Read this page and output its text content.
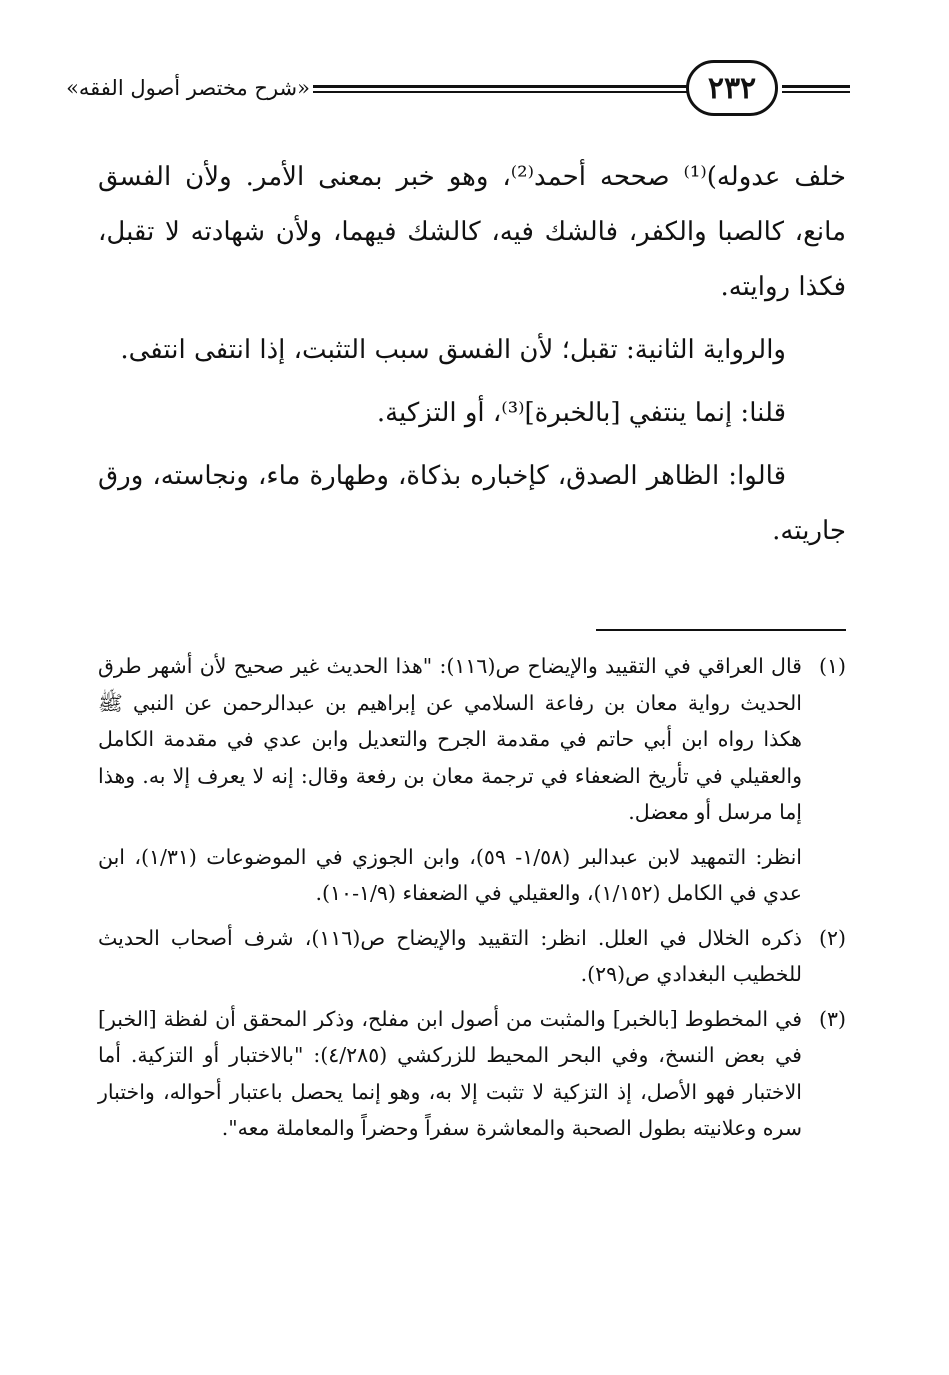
«شرح مختصر أصول الفقه»	٢٣٢

خلف عدوله)⁽¹⁾ صححه أحمد⁽²⁾، وهو خبر بمعنى الأمر. ولأن الفسق مانع، كالصبا والكفر، فالشك فيه، كالشك فيهما، ولأن شهادته لا تقبل، فكذا روايته.

والرواية الثانية: تقبل؛ لأن الفسق سبب التثبت، إذا انتفى انتفى.

قلنا: إنما ينتفي [بالخبرة]⁽³⁾، أو التزكية.

قالوا: الظاهر الصدق، كإخباره بذكاة، وطهارة ماء، ونجاسته، ورق جاريته.

(١)

قال العراقي في التقييد والإيضاح ص(١١٦): "هذا الحديث غير صحيح لأن أشهر طرق الحديث رواية معان بن رفاعة السلامي عن إبراهيم بن عبدالرحمن عن النبي ﷺ هكذا رواه ابن أبي حاتم في مقدمة الجرح والتعديل وابن عدي في مقدمة الكامل والعقيلي في تأريخ الضعفاء في ترجمة معان بن رفعة وقال: إنه لا يعرف إلا به. وهذا إما مرسل أو معضل.

انظر: التمهيد لابن عبدالبر (١/٥٨- ٥٩)، وابن الجوزي في الموضوعات (١/٣١)، ابن عدي في الكامل (١/١٥٢)، والعقيلي في الضعفاء (١/٩-١٠).

(٢)

ذكره الخلال في العلل. انظر: التقييد والإيضاح ص(١١٦)، شرف أصحاب الحديث للخطيب البغدادي ص(٢٩).

(٣)

في المخطوط [بالخبر] والمثبت من أصول ابن مفلح، وذكر المحقق أن لفظة [الخبر] في بعض النسخ، وفي البحر المحيط للزركشي (٤/٢٨٥): "بالاختبار أو التزكية. أما الاختبار فهو الأصل، إذ التزكية لا تثبت إلا به، وهو إنما يحصل باعتبار أحواله، واختبار سره وعلانيته بطول الصحبة والمعاشرة سفراً وحضراً والمعاملة معه".
